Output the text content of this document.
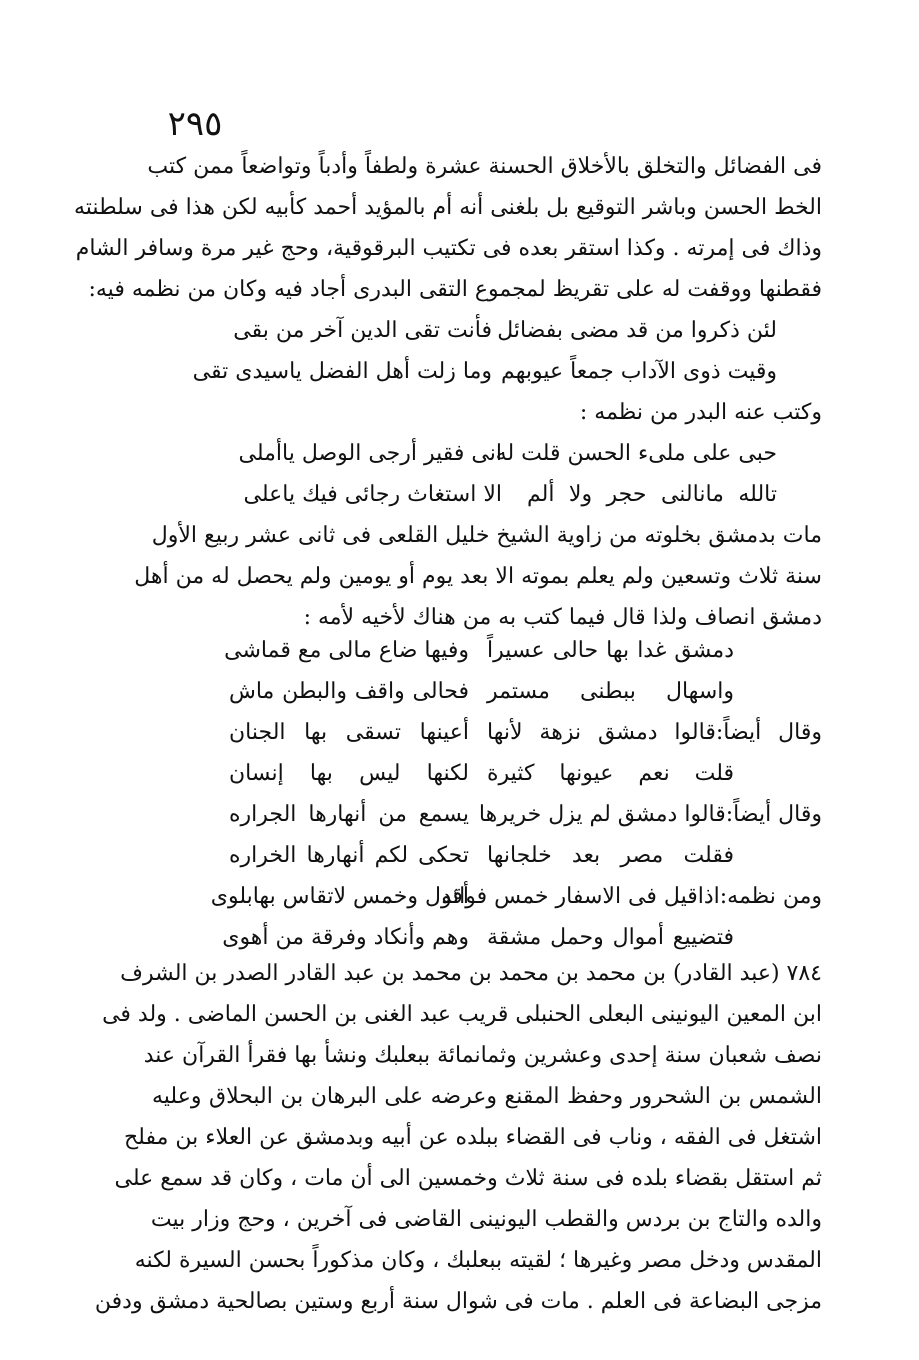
٢٩٥
فى الفضائل والتخلق بالأخلاق الحسنة عشرة ولطفاً وأدباً وتواضعاً ممن كتب
الخط الحسن وباشر التوقيع بل بلغنى أنه أم بالمؤيد أحمد كأبيه لكن هذا فى سلطنته
وذاك فى إمرته . وكذا استقر بعده فى تكتيب البرقوقية، وحج غير مرة وسافر الشام
فقطنها ووقفت له على تقريظ لمجموع التقى البدرى أجاد فيه وكان من نظمه فيه:
لئن ذكروا من قد مضى بفضائل
فأنت تقى الدين آخر من بقى
وقيت ذوى الآداب جمعاً عيوبهم
وما زلت أهل الفضل ياسيدى تقى
وكتب عنه البدر من نظمه :
حبى على ملىء الحسن قلت له
انى فقير أرجى الوصل ياأملى
تالله مانالنى حجر ولا ألم
الا استغاث رجائى فيك ياعلى
مات بدمشق بخلوته من زاوية الشيخ خليل القلعى فى ثانى عشر ربيع الأول
سنة ثلاث وتسعين ولم يعلم بموته الا بعد يوم أو يومين ولم يحصل له من أهل
دمشق انصاف ولذا قال فيما كتب به من هناك لأخيه لأمه :
دمشق غدا بها حالى عسيراً
وفيها ضاع مالى مع قماشى
واسهال ببطنى مستمر
فحالى واقف والبطن ماش
وقال أيضاً:قالوا دمشق نزهة لأنها
أعينها تسقى بها الجنان
قلت نعم عيونها كثيرة
لكنها ليس بها إنسان
وقال أيضاً:قالوا دمشق لم يزل خريرها
يسمع من أنهارها الجراره
فقلت مصر بعد خلجانها
تحكى لكم أنهارها الخراره
ومن نظمه:اذاقيل فى الاسفار خمس فوائد
أقول وخمس لاتقاس بهابلوى
فتضييع أموال وحمل مشقة
وهم وأنكاد وفرقة من أهوى
٧٨٤ (عبد القادر) بن محمد بن محمد بن محمد بن عبد القادر الصدر بن الشرف
ابن المعين اليونينى البعلى الحنبلى قريب عبد الغنى بن الحسن الماضى . ولد فى
نصف شعبان سنة إحدى وعشرين وثمانمائة ببعلبك ونشأ بها فقرأ القرآن عند
الشمس بن الشحرور وحفظ المقنع وعرضه على البرهان بن البحلاق وعليه
اشتغل فى الفقه ، وناب فى القضاء ببلده عن أبيه وبدمشق عن العلاء بن مفلح
ثم استقل بقضاء بلده فى سنة ثلاث وخمسين الى أن مات ، وكان قد سمع على
والده والتاج بن بردس والقطب اليونينى القاضى فى آخرين ، وحج وزار بيت
المقدس ودخل مصر وغيرها ؛ لقيته ببعلبك ، وكان مذكوراً بحسن السيرة لكنه
مزجى البضاعة فى العلم . مات فى شوال سنة أربع وستين بصالحية دمشق ودفن
